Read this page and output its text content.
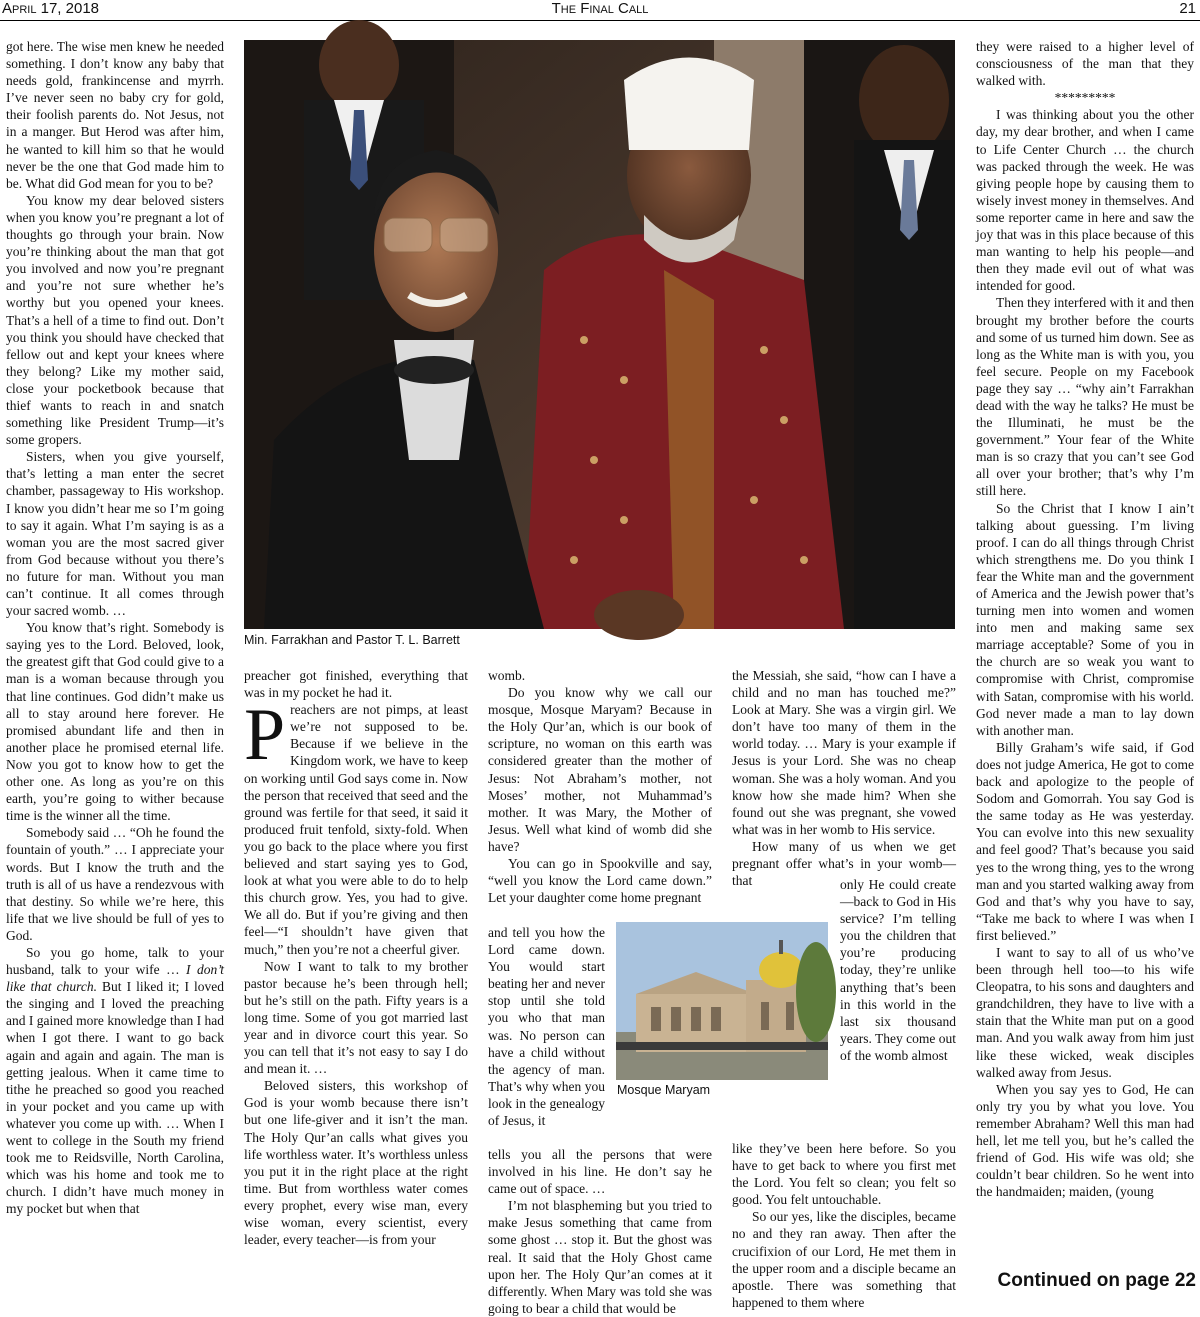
April 17, 2018	The Final Call	21

got here. The wise men knew he needed something. I don’t know any baby that needs gold, frankincense and myrrh. I’ve never seen no baby cry for gold, their foolish parents do. Not Jesus, not in a manger. But Herod was after him, he wanted to kill him so that he would never be the one that God made him to be. What did God mean for you to be?

You know my dear beloved sisters when you know you’re pregnant a lot of thoughts go through your brain. Now you’re thinking about the man that got you involved and now you’re pregnant and you’re not sure whether he’s worthy but you opened your knees. That’s a hell of a time to find out. Don’t you think you should have checked that fellow out and kept your knees where they belong? Like my mother said, close your pocketbook because that thief wants to reach in and snatch something like President Trump—it’s some gropers.

Sisters, when you give yourself, that’s letting a man enter the secret chamber, passageway to His workshop. I know you didn’t hear me so I’m going to say it again. What I’m saying is as a woman you are the most sacred giver from God because without you there’s no future for man. Without you man can’t continue. It all comes through your sacred womb. …

You know that’s right. Somebody is saying yes to the Lord. Beloved, look, the greatest gift that God could give to a man is a woman because through you that line continues. God didn’t make us all to stay around here forever. He promised abundant life and then in another place he promised eternal life. Now you got to know how to get the other one. As long as you’re on this earth, you’re going to wither because time is the winner all the time.

Somebody said … “Oh he found the fountain of youth.” … I appreciate your words. But I know the truth and the truth is all of us have a rendezvous with that destiny. So while we’re here, this life that we live should be full of yes to God.

So you go home, talk to your husband, talk to your wife … I don’t like that church. But I liked it; I loved the singing and I loved the preaching and I gained more knowledge than I had when I got there. I want to go back again and again and again. The man is getting jealous. When it came time to tithe he preached so good you reached in your pocket and you came up with whatever you come up with. … When I went to college in the South my friend took me to Reidsville, North Carolina, which was his home and took me to church. I didn’t have much money in my pocket but when that

Min. Farrakhan and Pastor T. L. Barrett

preacher got finished, everything that was in my pocket he had it.

Preachers are not pimps, at least we’re not supposed to be. Because if we believe in the Kingdom work, we have to keep on working until God says come in. Now the person that received that seed and the ground was fertile for that seed, it said it produced fruit tenfold, sixty-fold. When you go back to the place where you first believed and start saying yes to God, look at what you were able to do to help this church grow. Yes, you had to give. We all do. But if you’re giving and then feel—“I shouldn’t have given that much,” then you’re not a cheerful giver.

Now I want to talk to my brother pastor because he’s been through hell; but he’s still on the path. Fifty years is a long time. Some of you got married last year and in divorce court this year. So you can tell that it’s not easy to say I do and mean it. …

Beloved sisters, this workshop of God is your womb because there isn’t but one life-giver and it isn’t the man. The Holy Qur’an calls what gives you life worthless water. It’s worthless unless you put it in the right place at the right time. But from worthless water comes every prophet, every wise man, every wise woman, every scientist, every leader, every teacher—is from your

womb.

Do you know why we call our mosque, Mosque Maryam? Because in the Holy Qur’an, which is our book of scripture, no woman on this earth was considered greater than the mother of Jesus: Not Abraham’s mother, not Moses’ mother, not Muhammad’s mother. It was Mary, the Mother of Jesus. Well what kind of womb did she have?

You can go in Spookville and say, “well you know the Lord came down.” Let your daughter come home pregnant

and tell you how the Lord came down. You would start beating her and never stop until she told you who that man was. No person can have a child without the agency of man. That’s why when you look in the genealogy of Jesus, it

tells you all the persons that were involved in his line. He don’t say he came out of space. …

I’m not blaspheming but you tried to make Jesus something that came from some ghost … stop it. But the ghost was real. It said that the Holy Ghost came upon her. The Holy Qur’an comes at it differently. When Mary was told she was going to bear a child that would be

Mosque Maryam

the Messiah, she said, “how can I have a child and no man has touched me?” Look at Mary. She was a virgin girl. We don’t have too many of them in the world today. … Mary is your example if Jesus is your Lord. She was no cheap woman. She was a holy woman. And you know how she made him? When she found out she was pregnant, she vowed what was in her womb to His service.

How many of us when we get pregnant offer what’s in your womb—that	only He could create—back to God in His service? I’m telling you the children that you’re producing today, they’re unlike anything that’s been in this world in the last six thousand years. They come out of the womb almost

like they’ve been here before. So you have to get back to where you first met the Lord. You felt so clean; you felt so good. You felt untouchable.

So our yes, like the disciples, became no and they ran away. Then after the crucifixion of our Lord, He met them in the upper room and a disciple became an apostle. There was something that happened to them where

they were raised to a higher level of consciousness of the man that they walked with.

*********

I was thinking about you the other day, my dear brother, and when I came to Life Center Church … the church was packed through the week. He was giving people hope by causing them to wisely invest money in themselves. And some reporter came in here and saw the joy that was in this place because of this man wanting to help his people—and then they made evil out of what was intended for good.

Then they interfered with it and then brought my brother before the courts and some of us turned him down. See as long as the White man is with you, you feel secure. People on my Facebook page they say … “why ain’t Farrakhan dead with the way he talks? He must be the Illuminati, he must be the government.” Your fear of the White man is so crazy that you can’t see God all over your brother; that’s why I’m still here.

So the Christ that I know I ain’t talking about guessing. I’m living proof. I can do all things through Christ which strengthens me. Do you think I fear the White man and the government of America and the Jewish power that’s turning men into women and women into men and making same sex marriage acceptable? Some of you in the church are so weak you want to compromise with Christ, compromise with Satan, compromise with his world. God never made a man to lay down with another man.

Billy Graham’s wife said, if God does not judge America, He got to come back and apologize to the people of Sodom and Gomorrah. You say God is the same today as He was yesterday. You can evolve into this new sexuality and feel good? That’s because you said yes to the wrong thing, yes to the wrong man and you started walking away from God and that’s why you have to say, “Take me back to where I was when I first believed.”

I want to say to all of us who’ve been through hell too—to his wife Cleopatra, to his sons and daughters and grandchildren, they have to live with a stain that the White man put on a good man. And you walk away from him just like these wicked, weak disciples walked away from Jesus.

When you say yes to God, He can only try you by what you love. You remember Abraham? Well this man had hell, let me tell you, but he’s called the friend of God. His wife was old; she couldn’t bear children. So he went into the handmaiden; maiden, (young

Continued on page 22
